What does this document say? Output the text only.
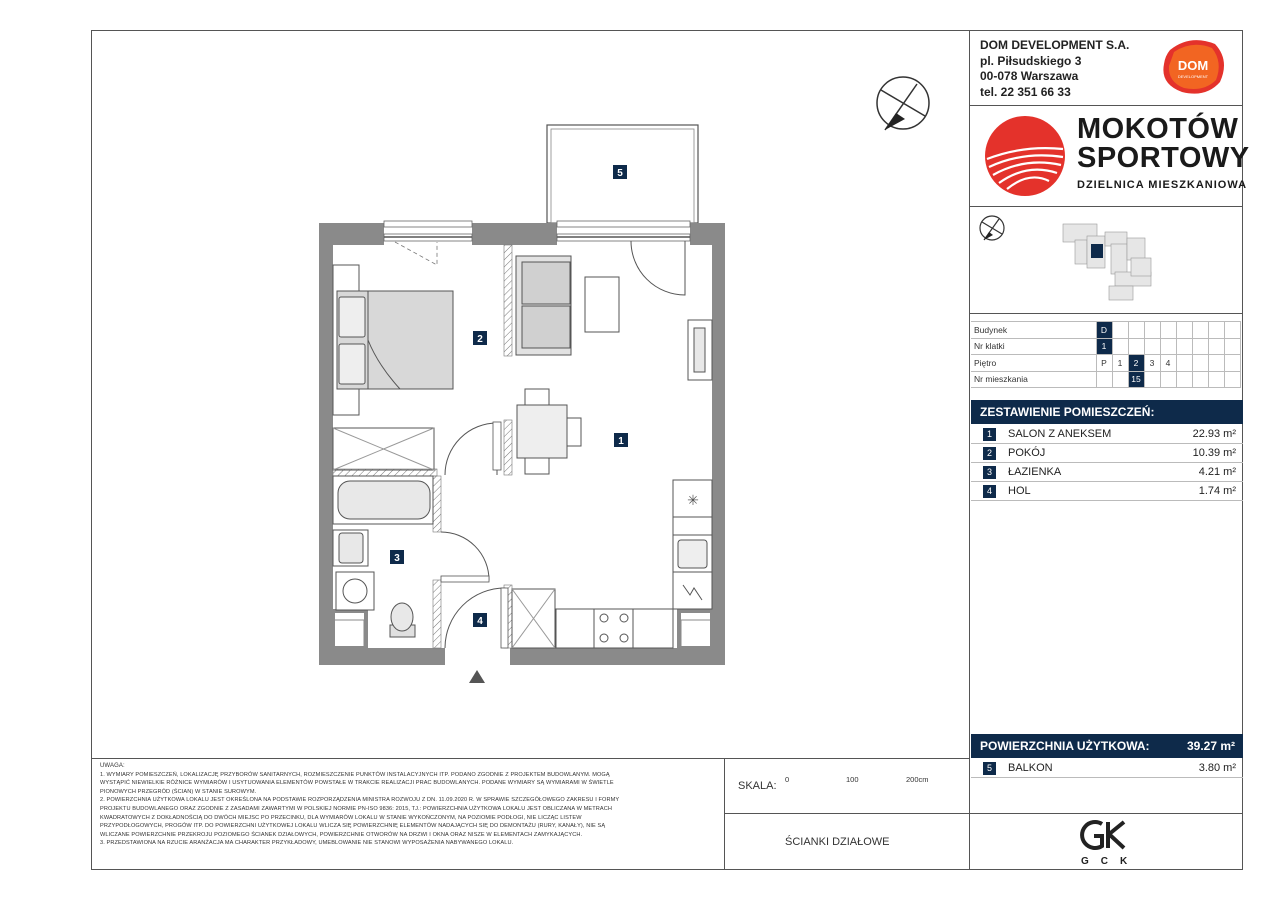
✳
5
2
1
3
4
UWAGA:
1. WYMIARY POMIESZCZEŃ, LOKALIZACJĘ PRZYBORÓW SANITARNYCH, ROZMIESZCZENIE PUNKTÓW INSTALACYJNYCH ITP. PODANO ZGODNIE Z PROJEKTEM BUDOWLANYM. MOGĄ
WYSTĄPIĆ NIEWIELKIE RÓŻNICE WYMIARÓW I USYTUOWANIA ELEMENTÓW POWSTAŁE W TRAKCIE REALIZACJI PRAC BUDOWLANYCH. PODANE WYMIARY SĄ WYMIARAMI W ŚWIETLE
PIONOWYCH PRZEGRÓD (ŚCIAN) W STANIE SUROWYM.
2. POWIERZCHNIA UŻYTKOWA LOKALU JEST OKREŚLONA NA PODSTAWIE ROZPORZĄDZENIA MINISTRA ROZWOJU Z DN. 11.09.2020 R. W SPRAWIE SZCZEGÓŁOWEGO ZAKRESU I FORMY
PROJEKTU BUDOWLANEGO ORAZ ZGODNIE Z ZASADAMI ZAWARTYMI W POLSKIEJ NORMIE PN-ISO 9836: 2015, TJ.: POWIERZCHNIA UŻYTKOWA LOKALU JEST OBLICZANA W METRACH
KWADRATOWYCH Z DOKŁADNOŚCIĄ DO DWÓCH MIEJSC PO PRZECINKU, DLA WYMIARÓW LOKALU W STANIE WYKOŃCZONYM, NA POZIOMIE PODŁOGI, NIE LICZĄC LISTEW
PRZYPODŁOGOWYCH, PROGÓW ITP. DO POWIERZCHNI UŻYTKOWEJ LOKALU WLICZA SIĘ POWIERZCHNIĘ ELEMENTÓW NADAJĄCYCH SIĘ DO DEMONTAŻU (RURY, KANAŁY), NIE SĄ
WLICZANE POWIERZCHNIE PRZEKROJU POZIOMEGO ŚCIANEK DZIAŁOWYCH, POWIERZCHNIE OTWORÓW NA DRZWI I OKNA ORAZ NISZE W ELEMENTACH ZAMYKAJĄCYCH.
3. PRZEDSTAWIONA NA RZUCIE ARANŻACJA MA CHARAKTER PRZYKŁADOWY, UMEBLOWANIE NIE STANOWI WYPOSAŻENIA NABYWANEGO LOKALU.
SKALA:
0	100	200cm
ŚCIANKI DZIAŁOWE
DOM DEVELOPMENT S.A.
pl. Piłsudskiego 3
00-078 Warszawa
tel. 22 351 66 33
DOM
DEVELOPMENT
MOKOTÓW
SPORTOWY
DZIELNICA MIESZKANIOWA
Budynek	D								
Nr klatki	1								
Piętro	P	1	2	3	4				
Nr mieszkania			15						
ZESTAWIENIE POMIESZCZEŃ:
1	SALON Z ANEKSEM	22.93 m²
2	POKÓJ	10.39 m²
3	ŁAZIENKA	4.21 m²
4	HOL	1.74 m²
POWIERZCHNIA UŻYTKOWA:	39.27 m²
5	BALKON	3.80 m²
GCK
